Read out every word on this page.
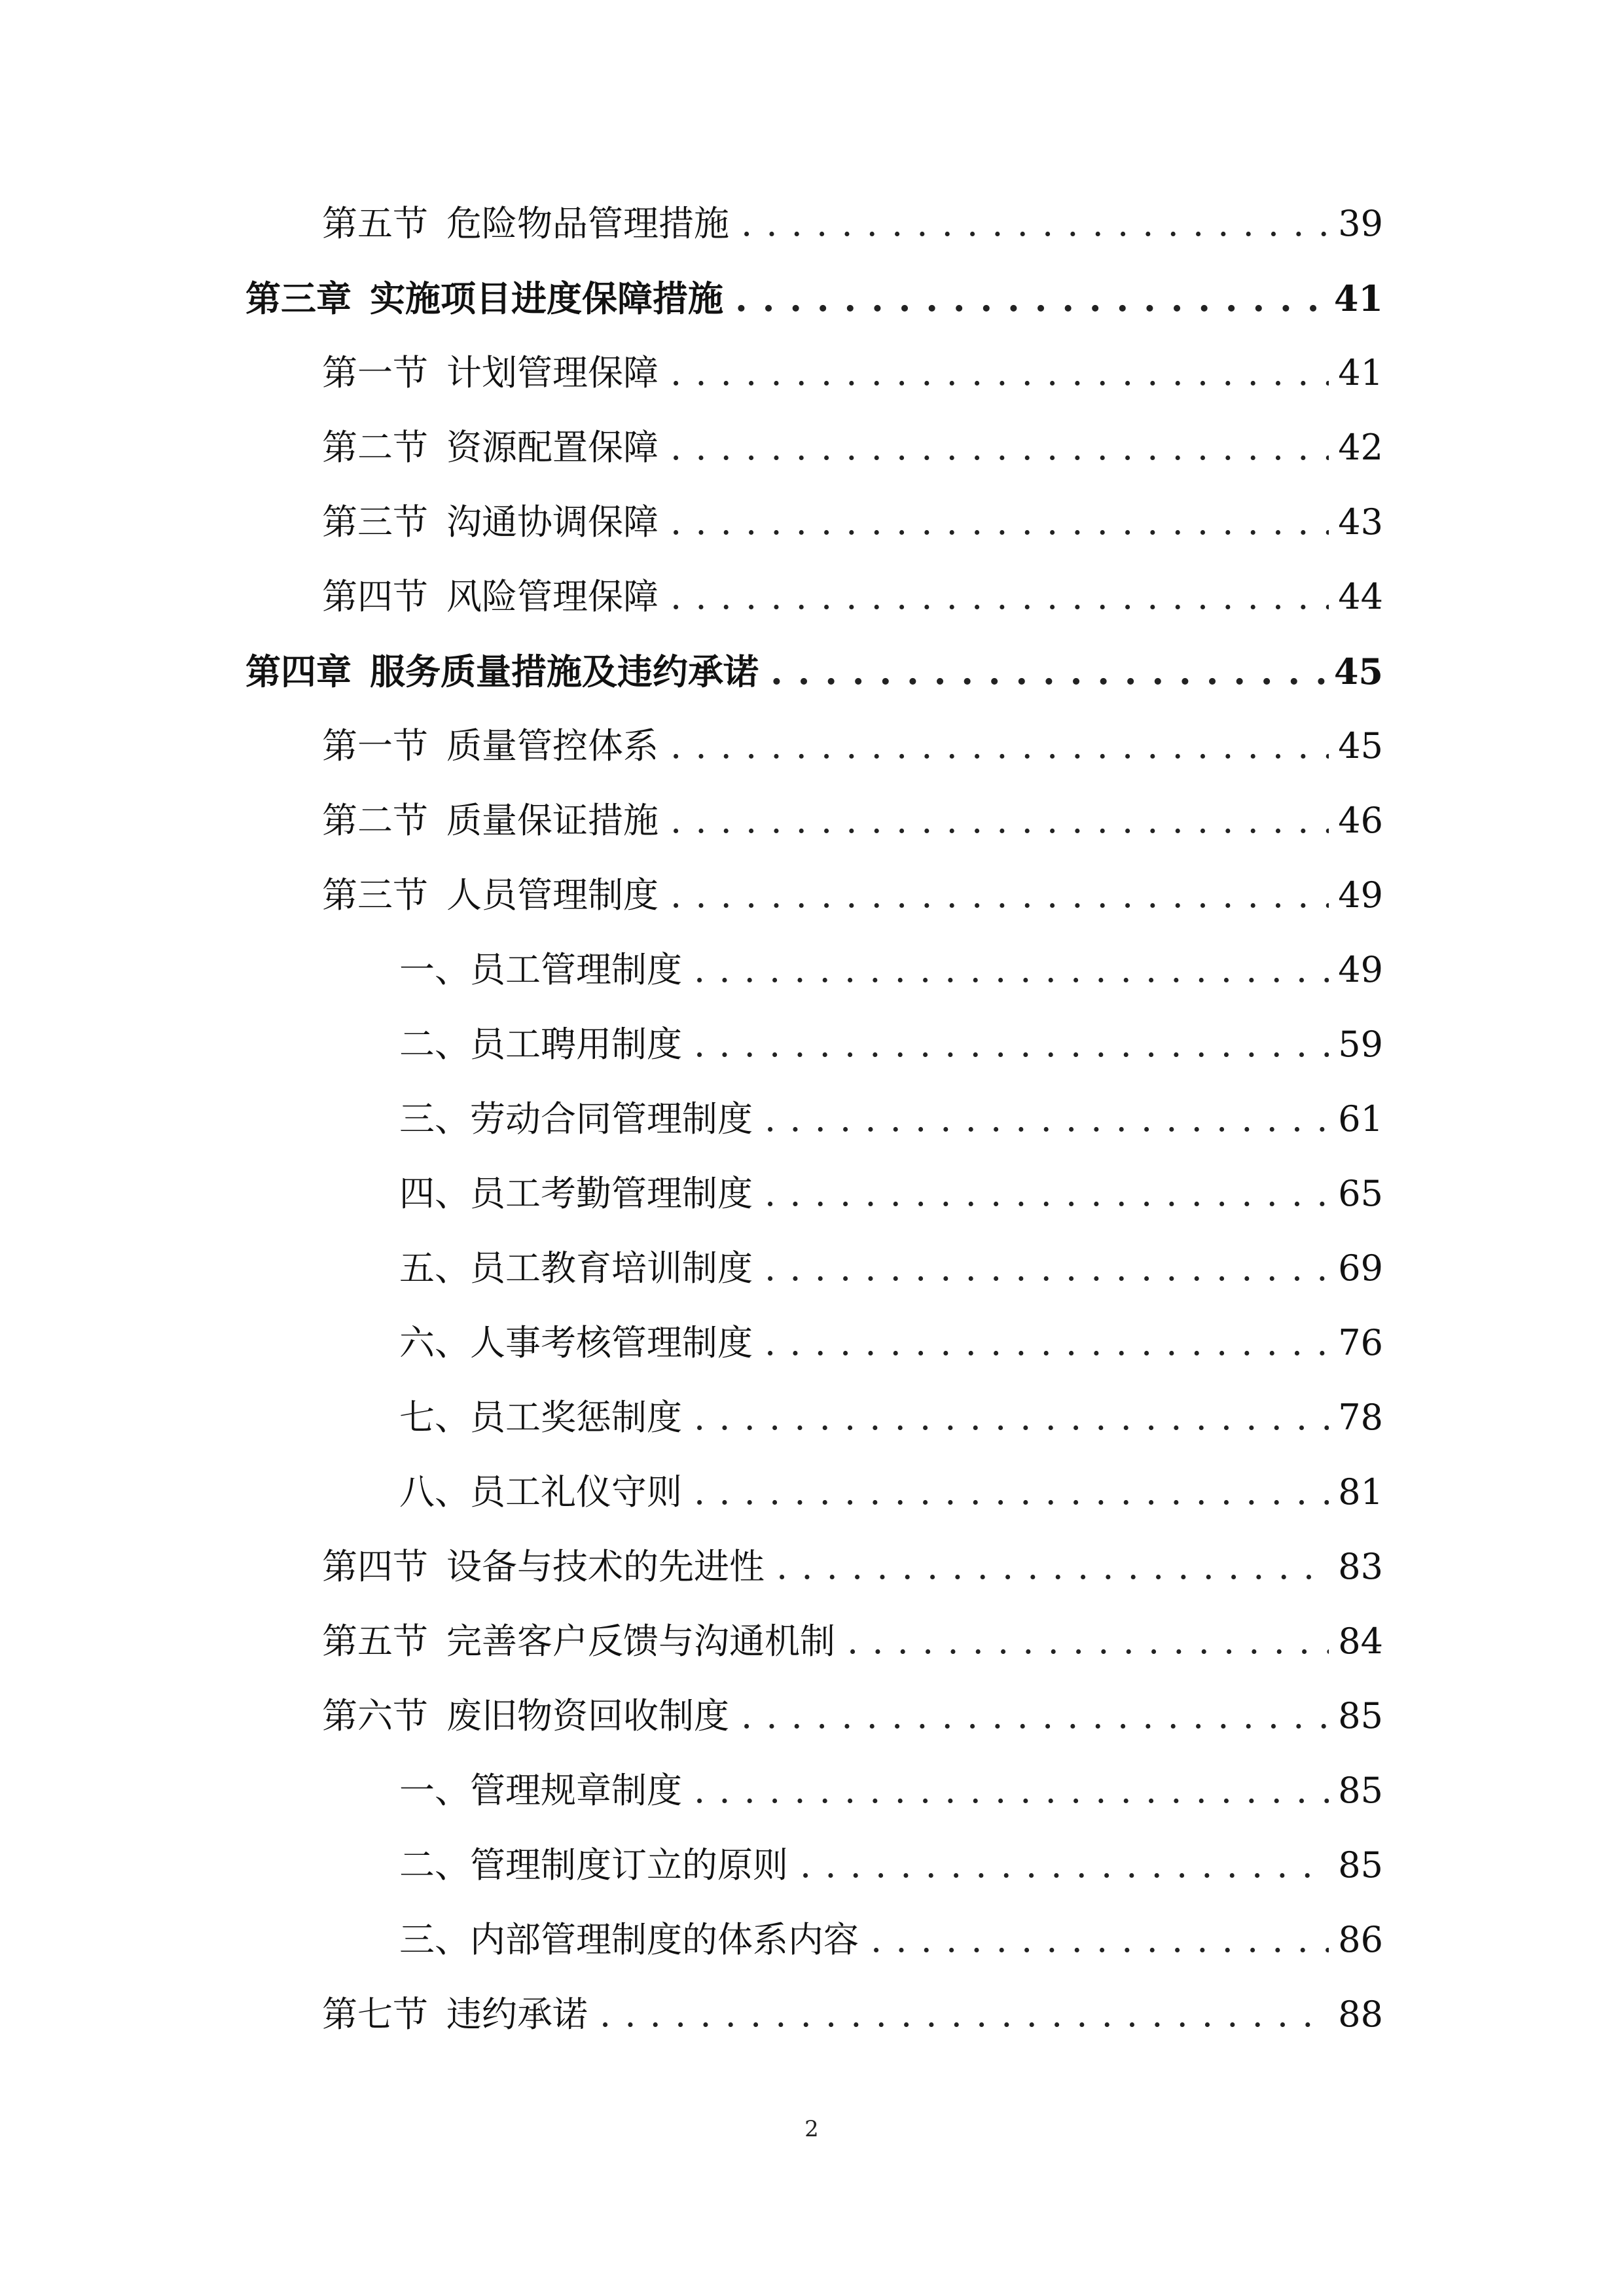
第五节 危险物品管理措施 . . .	39
第三章 实施项目进度保障措施 . . .	41
第一节 计划管理保障 . . .	41
第二节 资源配置保障 . . .	42
第三节 沟通协调保障 . . .	43
第四节 风险管理保障 . . .	44
第四章 服务质量措施及违约承诺 . . .	45
第一节 质量管控体系 . . .	45
第二节 质量保证措施 . . .	46
第三节 人员管理制度 . . .	49
一、员工管理制度 . . .	49
二、员工聘用制度 . . .	59
三、劳动合同管理制度 . . .	61
四、员工考勤管理制度 . . .	65
五、员工教育培训制度 . . .	69
六、人事考核管理制度 . . .	76
七、员工奖惩制度 . . .	78
八、员工礼仪守则 . . .	81
第四节 设备与技术的先进性 . . .	83
第五节 完善客户反馈与沟通机制 . . .	84
第六节 废旧物资回收制度 . . .	85
一、管理规章制度 . . .	85
二、管理制度订立的原则 . . .	85
三、内部管理制度的体系内容 . . .	86
第七节 违约承诺 . . .	88
2
